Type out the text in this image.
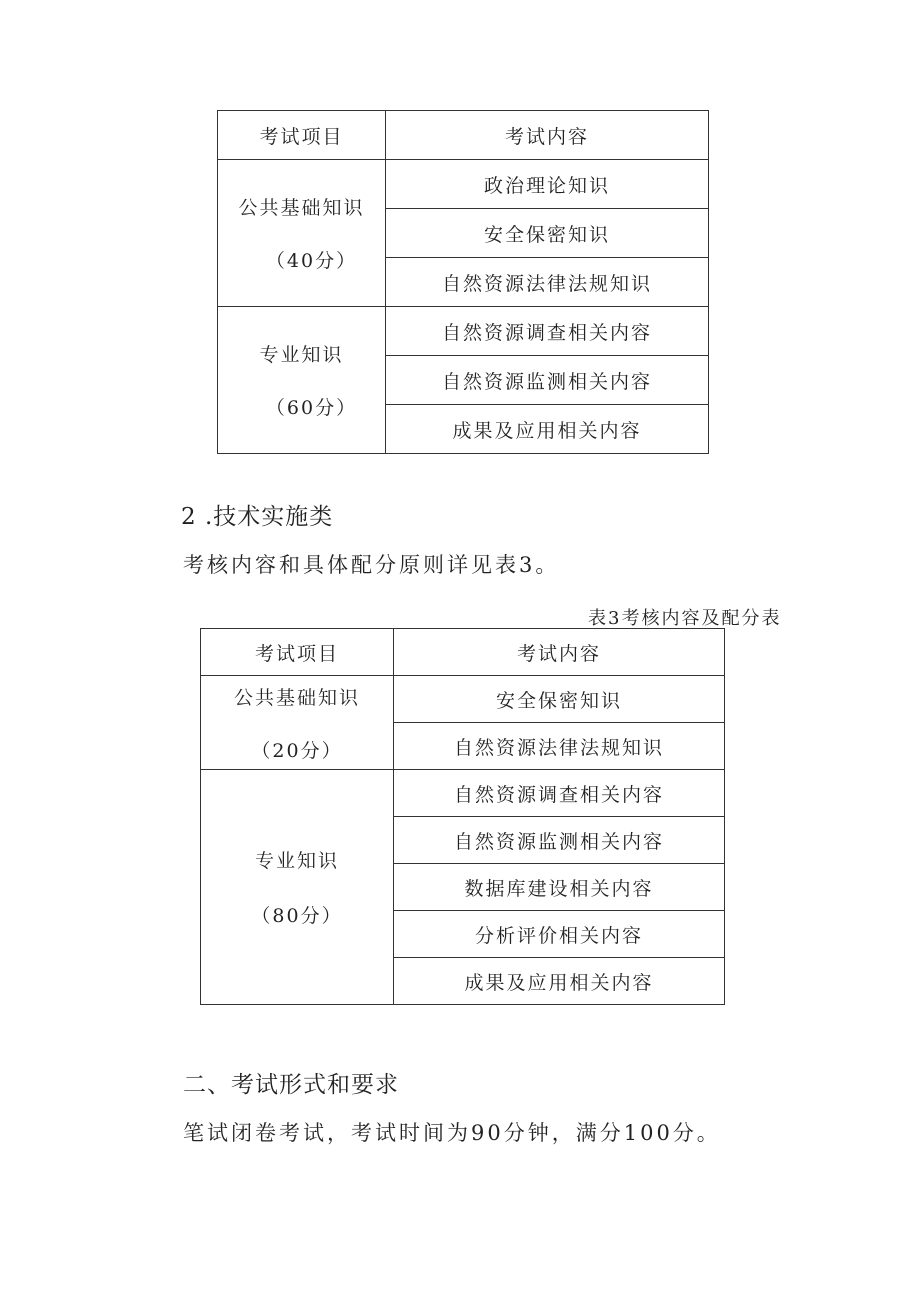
考试项目	考试内容

公共基础知识
（40分）	政治理论知识
	安全保密知识
	自然资源法律法规知识

专业知识
（60分）	自然资源调查相关内容
	自然资源监测相关内容
	成果及应用相关内容
2 .技术实施类

考核内容和具体配分原则详见表3。

表3考核内容及配分表

考试项目	考试内容

公共基础知识
（20分）	安全保密知识
	自然资源法律法规知识

专业知识
（80分）	自然资源调查相关内容
	自然资源监测相关内容
	数据库建设相关内容
	分析评价相关内容
	成果及应用相关内容
二、考试形式和要求

笔试闭卷考试，考试时间为90分钟，满分100分。
